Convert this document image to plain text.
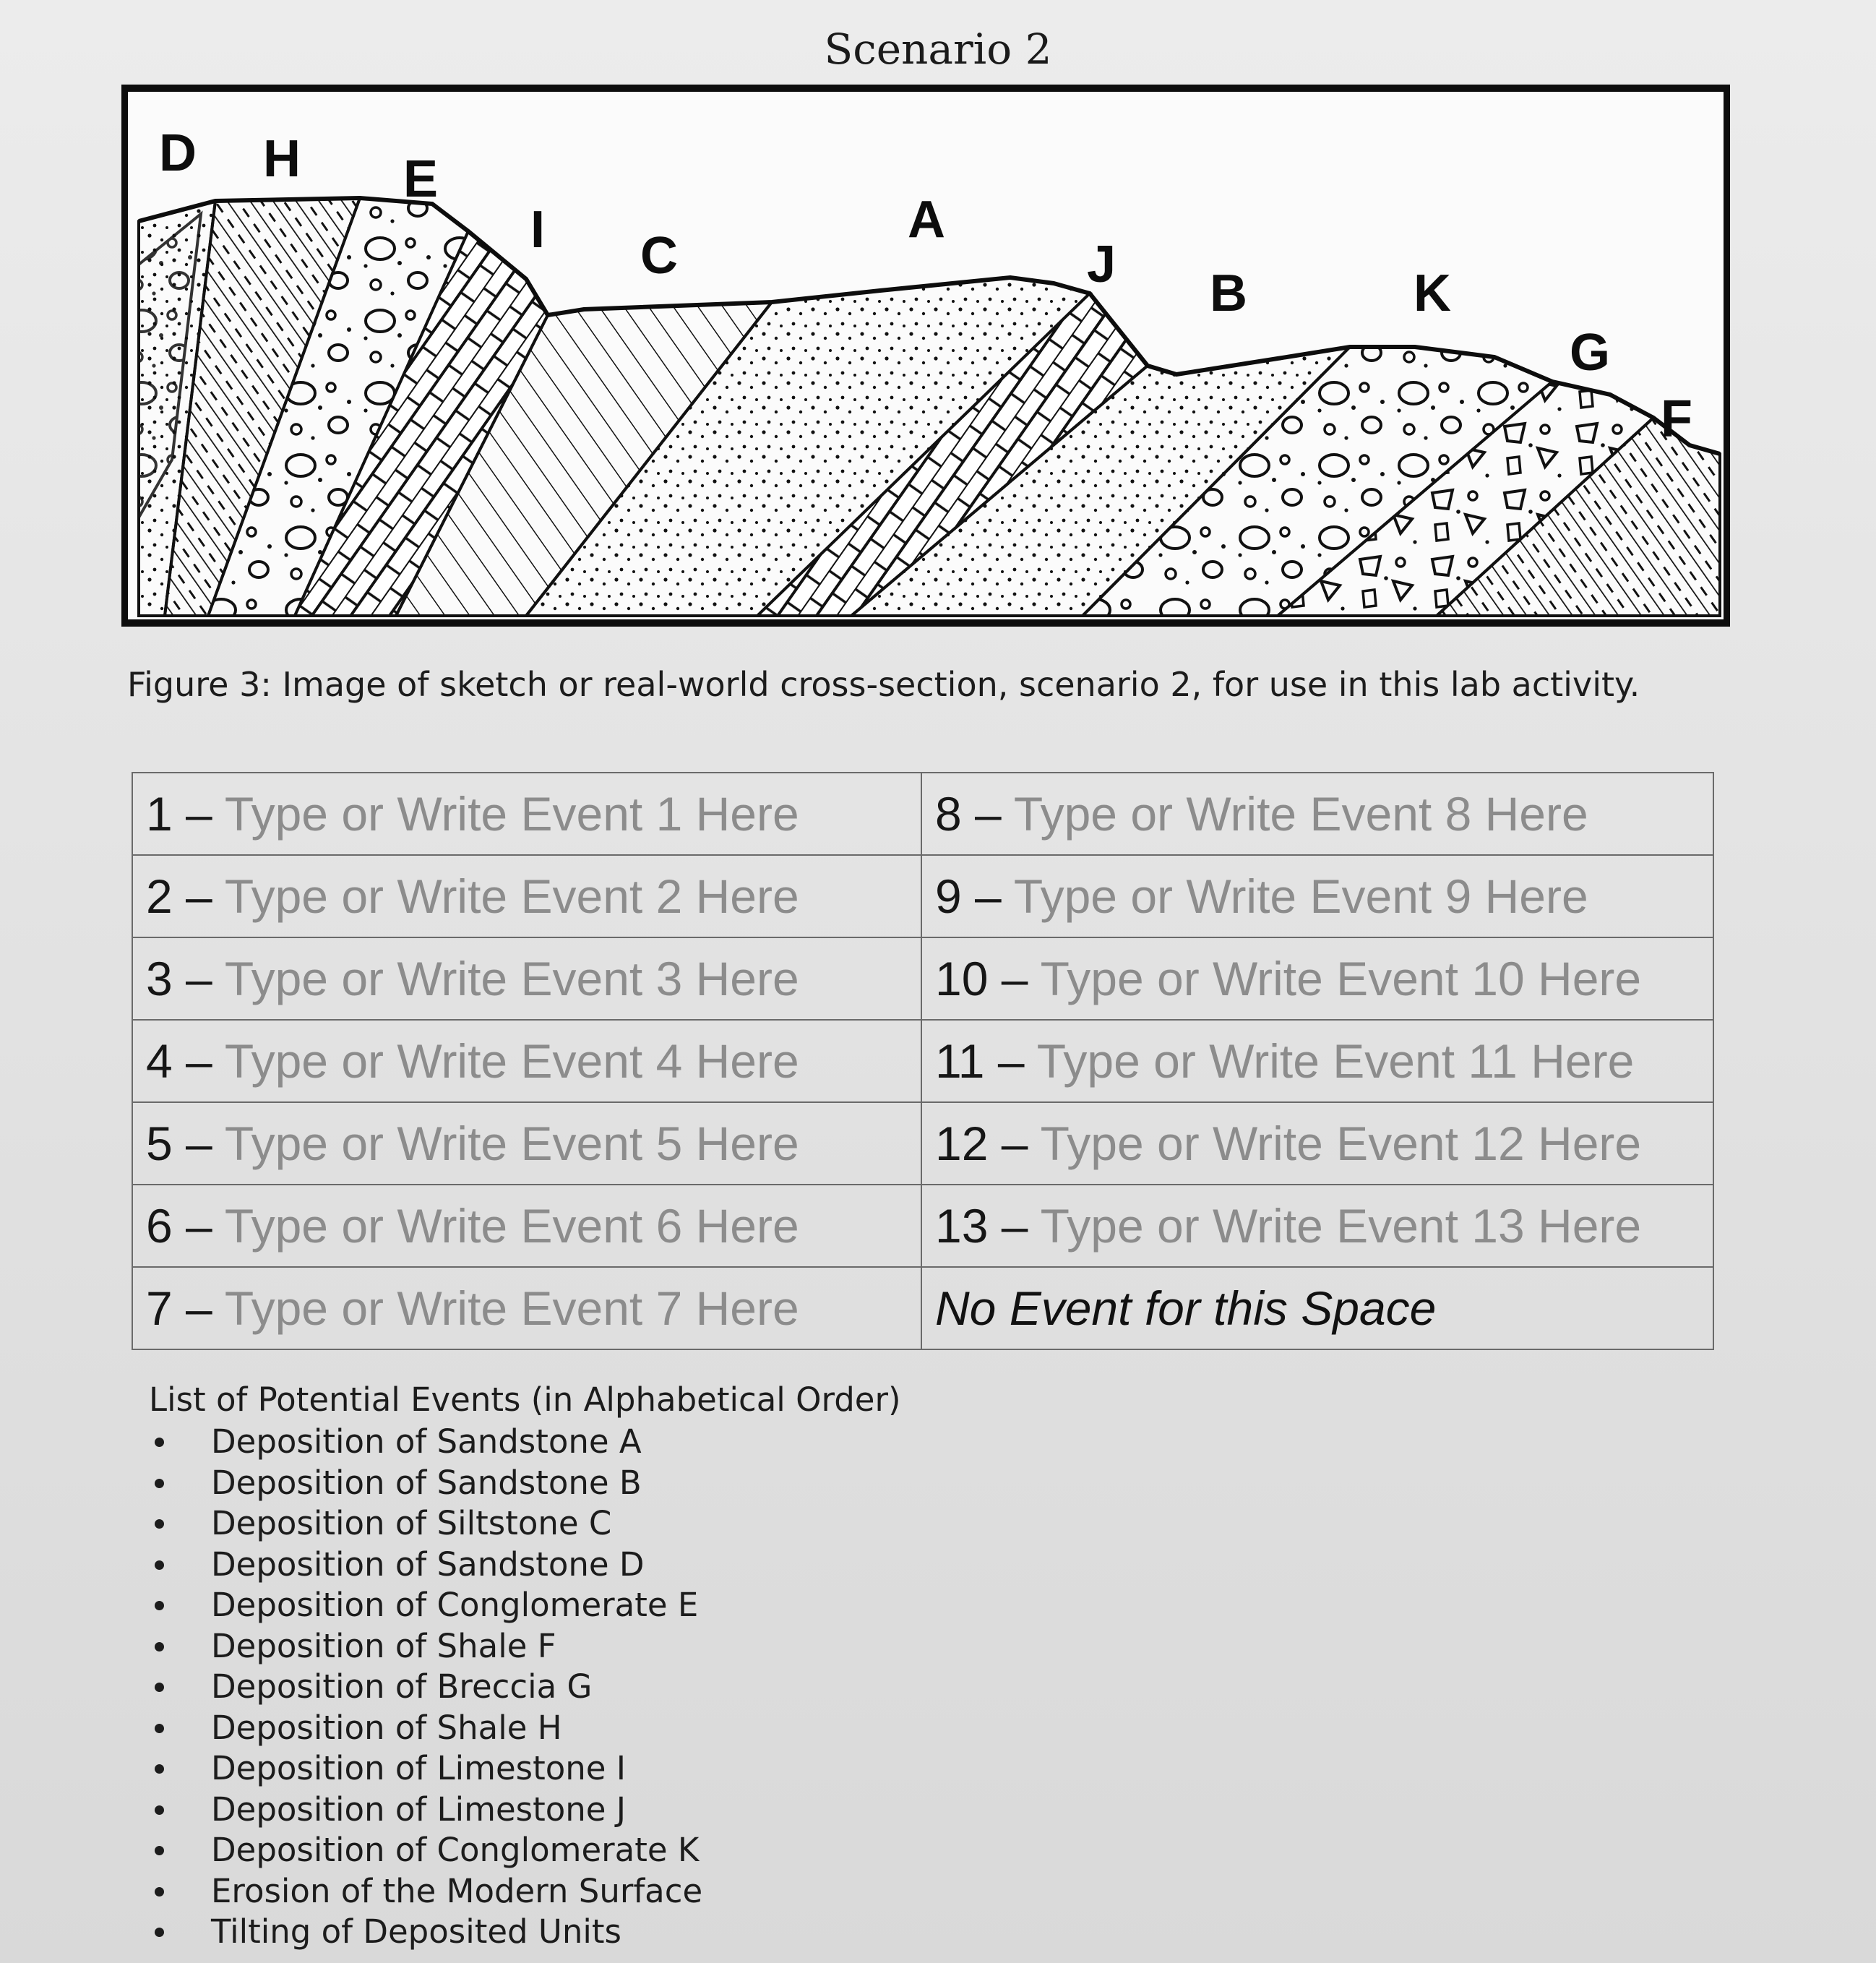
Scenario 2
D H E
I C
A
J B	K
G
F
Figure 3: Image of sketch or real-world cross-section, scenario 2, for use in this lab activity.
1 – Type or Write Event 1 Here	8 – Type or Write Event 8 Here
2 – Type or Write Event 2 Here	9 – Type or Write Event 9 Here
3 – Type or Write Event 3 Here	10 – Type or Write Event 10 Here
4 – Type or Write Event 4 Here	11 – Type or Write Event 11 Here
5 – Type or Write Event 5 Here	12 – Type or Write Event 12 Here
6 – Type or Write Event 6 Here	13 – Type or Write Event 13 Here
7 – Type or Write Event 7 Here	No Event for this Space
List of Potential Events (in Alphabetical Order)
Deposition of Sandstone A
Deposition of Sandstone B
Deposition of Siltstone C
Deposition of Sandstone D
Deposition of Conglomerate E
Deposition of Shale F
Deposition of Breccia G
Deposition of Shale H
Deposition of Limestone I
Deposition of Limestone J
Deposition of Conglomerate K
Erosion of the Modern Surface
Tilting of Deposited Units
